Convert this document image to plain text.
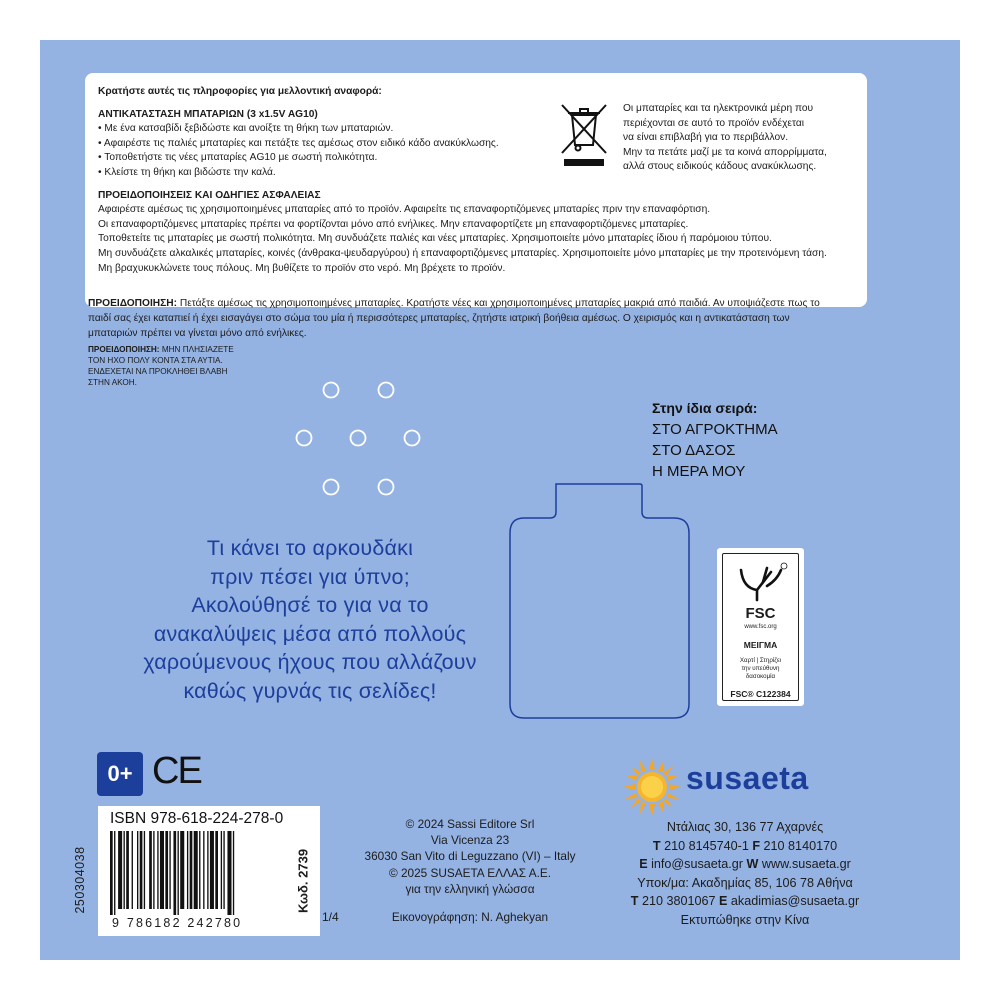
Κρατήστε αυτές τις πληροφορίες για μελλοντική αναφορά:
ΑΝΤΙΚΑΤΑΣΤΑΣΗ ΜΠΑΤΑΡΙΩΝ (3 x1.5V AG10)
• Με ένα κατσαβίδι ξεβιδώστε και ανοίξτε τη θήκη των μπαταριών.
• Αφαιρέστε τις παλιές μπαταρίες και πετάξτε τες αμέσως στον ειδικό κάδο ανακύκλωσης.
• Τοποθετήστε τις νέες μπαταρίες AG10 με σωστή πολικότητα.
• Κλείστε τη θήκη και βιδώστε την καλά.
ΠΡΟΕΙΔΟΠΟΙΗΣΕΙΣ ΚΑΙ ΟΔΗΓΙΕΣ ΑΣΦΑΛΕΙΑΣ
Αφαιρέστε αμέσως τις χρησιμοποιημένες μπαταρίες από το προϊόν. Αφαιρείτε τις επαναφορτιζόμενες μπαταρίες πριν την επαναφόρτιση.
Οι επαναφορτιζόμενες μπαταρίες πρέπει να φορτίζονται μόνο από ενήλικες. Μην επαναφορτίζετε μη επαναφορτιζόμενες μπαταρίες.
Τοποθετείτε τις μπαταρίες με σωστή πολικότητα. Μη συνδυάζετε παλιές και νέες μπαταρίες. Χρησιμοποιείτε μόνο μπαταρίες ίδιου ή παρόμοιου τύπου.
Μη συνδυάζετε αλκαλικές μπαταρίες, κοινές (άνθρακα-ψευδαργύρου) ή επαναφορτιζόμενες μπαταρίες. Χρησιμοποιείτε μόνο μπαταρίες με την προτεινόμενη τάση.
Μη βραχυκυκλώνετε τους πόλους. Μη βυθίζετε το προϊόν στο νερό. Μη βρέχετε το προϊόν.
Οι μπαταρίες και τα ηλεκτρονικά μέρη που
περιέχονται σε αυτό το προϊόν ενδέχεται
να είναι επιβλαβή για το περιβάλλον.
Μην τα πετάτε μαζί με τα κοινά απορρίμματα,
αλλά στους ειδικούς κάδους ανακύκλωσης.
ΠΡΟΕΙΔΟΠΟΙΗΣΗ: Πετάξτε αμέσως τις χρησιμοποιημένες μπαταρίες. Κρατήστε νέες και χρησιμοποιημένες μπαταρίες μακριά από παιδιά. Αν υποψιάζεστε πως το παιδί σας έχει καταπιεί ή έχει εισαγάγει στο σώμα του μία ή περισσότερες μπαταρίες, ζητήστε ιατρική βοήθεια αμέσως. Ο χειρισμός και η αντικατάσταση των μπαταριών πρέπει να γίνεται μόνο από ενήλικες.
ΠΡΟΕΙΔΟΠΟΙΗΣΗ: ΜΗΝ ΠΛΗΣΙΑΖΕΤΕ
ΤΟΝ ΗΧΟ ΠΟΛΥ ΚΟΝΤΑ ΣΤΑ ΑΥΤΙΑ.
ΕΝΔΕΧΕΤΑΙ ΝΑ ΠΡΟΚΛΗΘΕΙ ΒΛΑΒΗ
ΣΤΗΝ ΑΚΟΗ.
Στην ίδια σειρά:
ΣΤΟ ΑΓΡΟΚΤΗΜΑ
ΣΤΟ ΔΑΣΟΣ
Η ΜΕΡΑ ΜΟΥ
Τι κάνει το αρκουδάκι
πριν πέσει για ύπνο;
Ακολούθησέ το για να το
ανακαλύψεις μέσα από πολλούς
χαρούμενους ήχους που αλλάζουν
καθώς γυρνάς τις σελίδες!
FSC
www.fsc.org
ΜΕΙΓΜΑ
Χαρτί | Στηρίζει
την υπεύθυνη
δασοκομία
FSC® C122384
0+ CE	susaeta
ISBN 978-618-224-278-0
9 786182 242780
Κωδ. 2739
250304038
1/4
© 2024 Sassi Editore Srl
Via Vicenza 23
36030 San Vito di Leguzzano (VI) – Italy
© 2025 SUSAETA ΕΛΛΑΣ Α.Ε.
για την ελληνική γλώσσα
Εικονογράφηση: N. Aghekyan
Ντάλιας 30, 136 77 Αχαρνές
T 210 8145740-1 F 210 8140170
E info@susaeta.gr W www.susaeta.gr
Υποκ/μα: Ακαδημίας 85, 106 78 Αθήνα
T 210 3801067 E akadimias@susaeta.gr
Εκτυπώθηκε στην Κίνα
